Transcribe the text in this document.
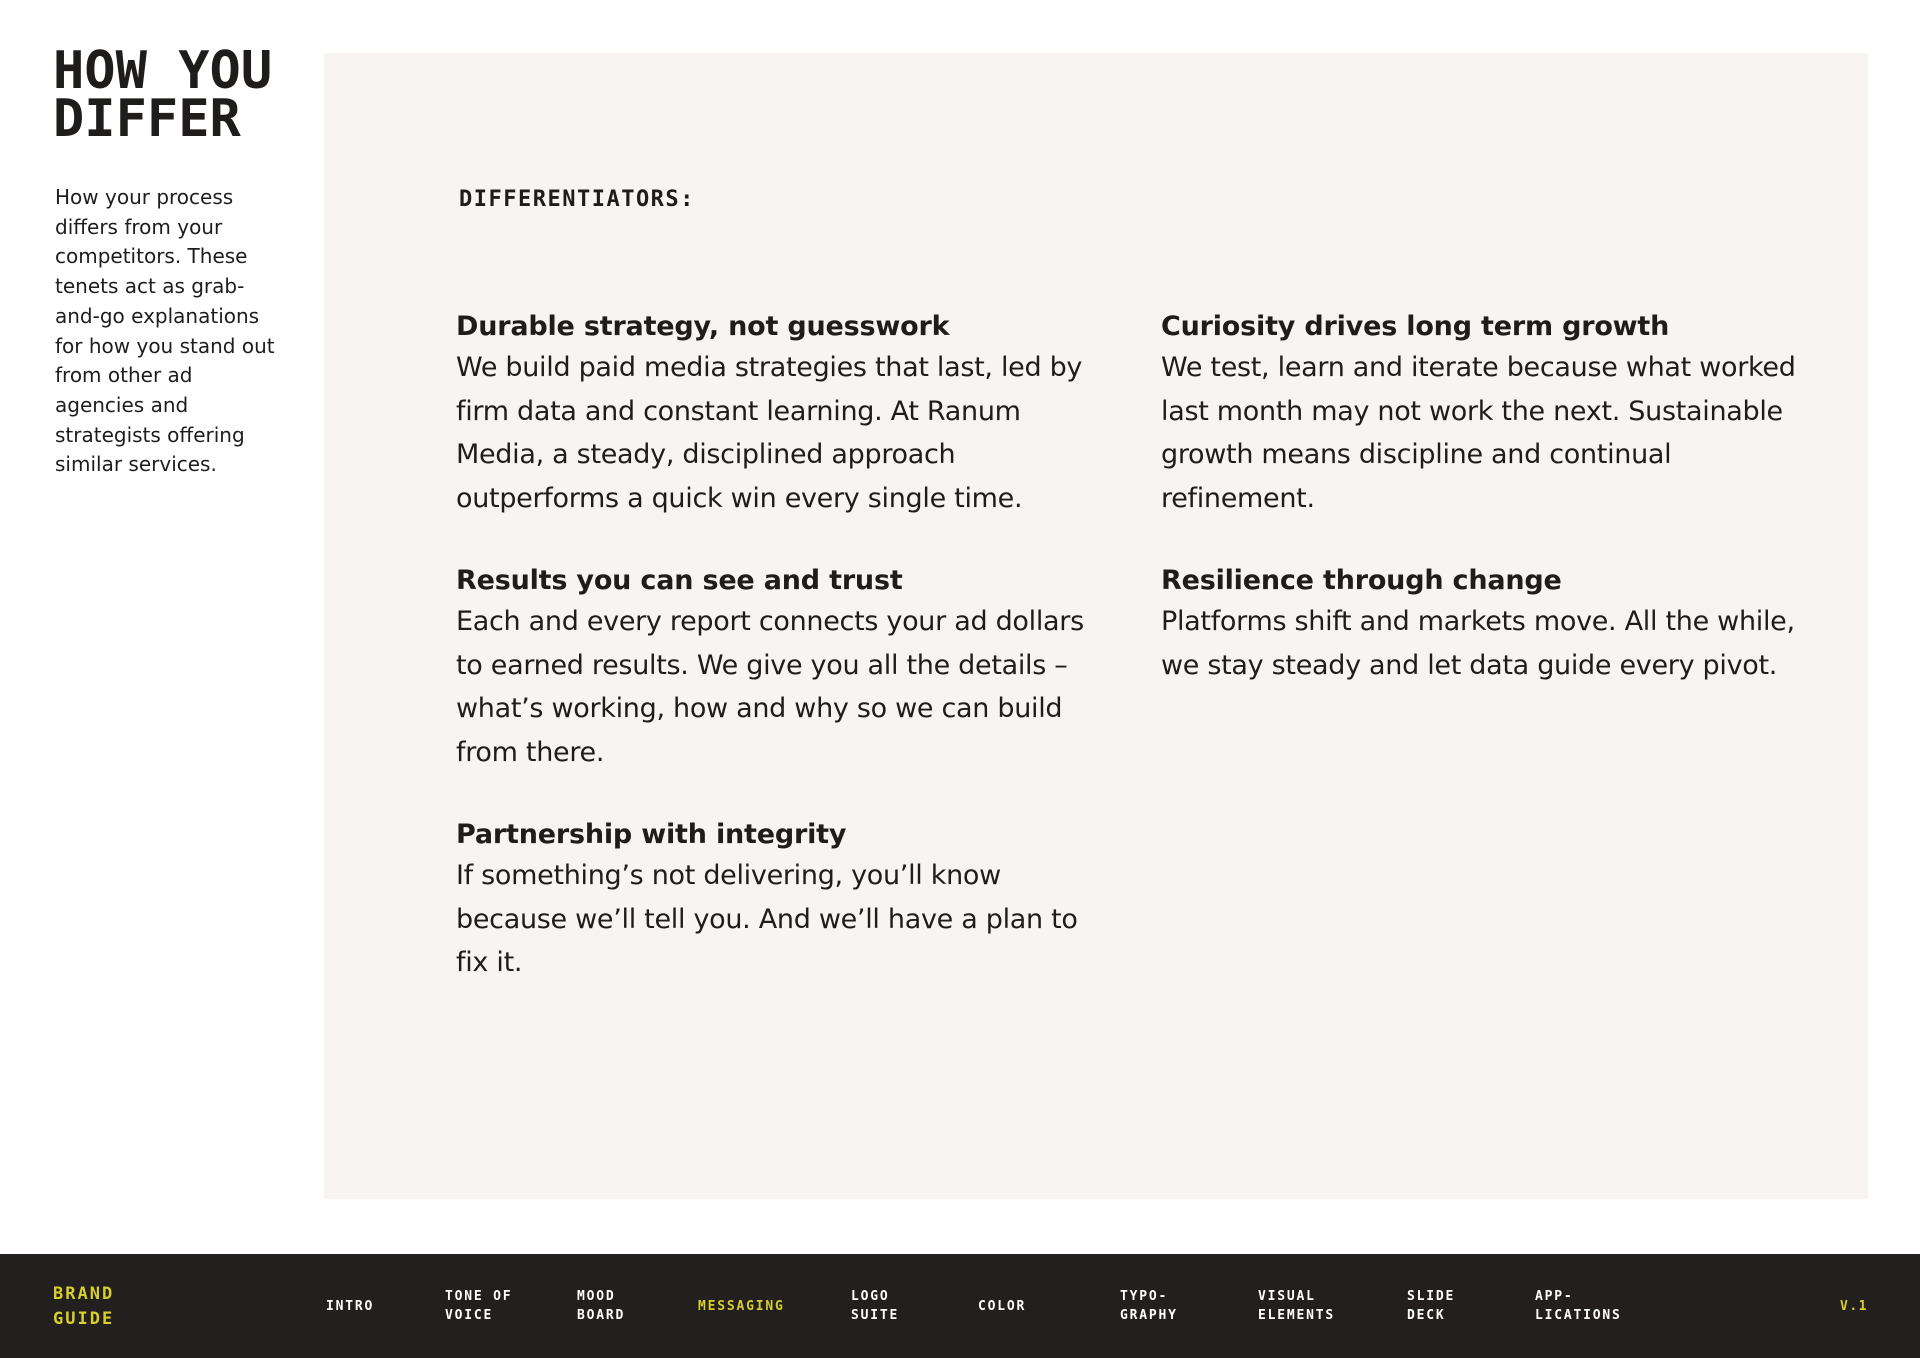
HOW YOU
DIFFER

How your process differs from your competitors. These tenets act as grab-and-go explanations for how you stand out from other ad agencies and strategists offering similar services.

DIFFERENTIATORS:
Durable strategy, not guesswork
We build paid media strategies that last, led by firm data and constant learning. At Ranum Media, a steady, disciplined approach outperforms a quick win every single time.
Results you can see and trust
Each and every report connects your ad dollars to earned results. We give you all the details – what’s working, how and why so we can build from there.
Partnership with integrity
If something’s not delivering, you’ll know because we’ll tell you. And we’ll have a plan to fix it.
Curiosity drives long term growth
We test, learn and iterate because what worked last month may not work the next. Sustainable growth means discipline and continual refinement.
Resilience through change
Platforms shift and markets move. All the while, we stay steady and let data guide every pivot.
BRAND
GUIDE
INTRO
TONE OF
VOICE
MOOD
BOARD
MESSAGING
LOGO
SUITE
COLOR
TYPO-
GRAPHY
VISUAL
ELEMENTS
SLIDE
DECK
APP-
LICATIONS
V.1
